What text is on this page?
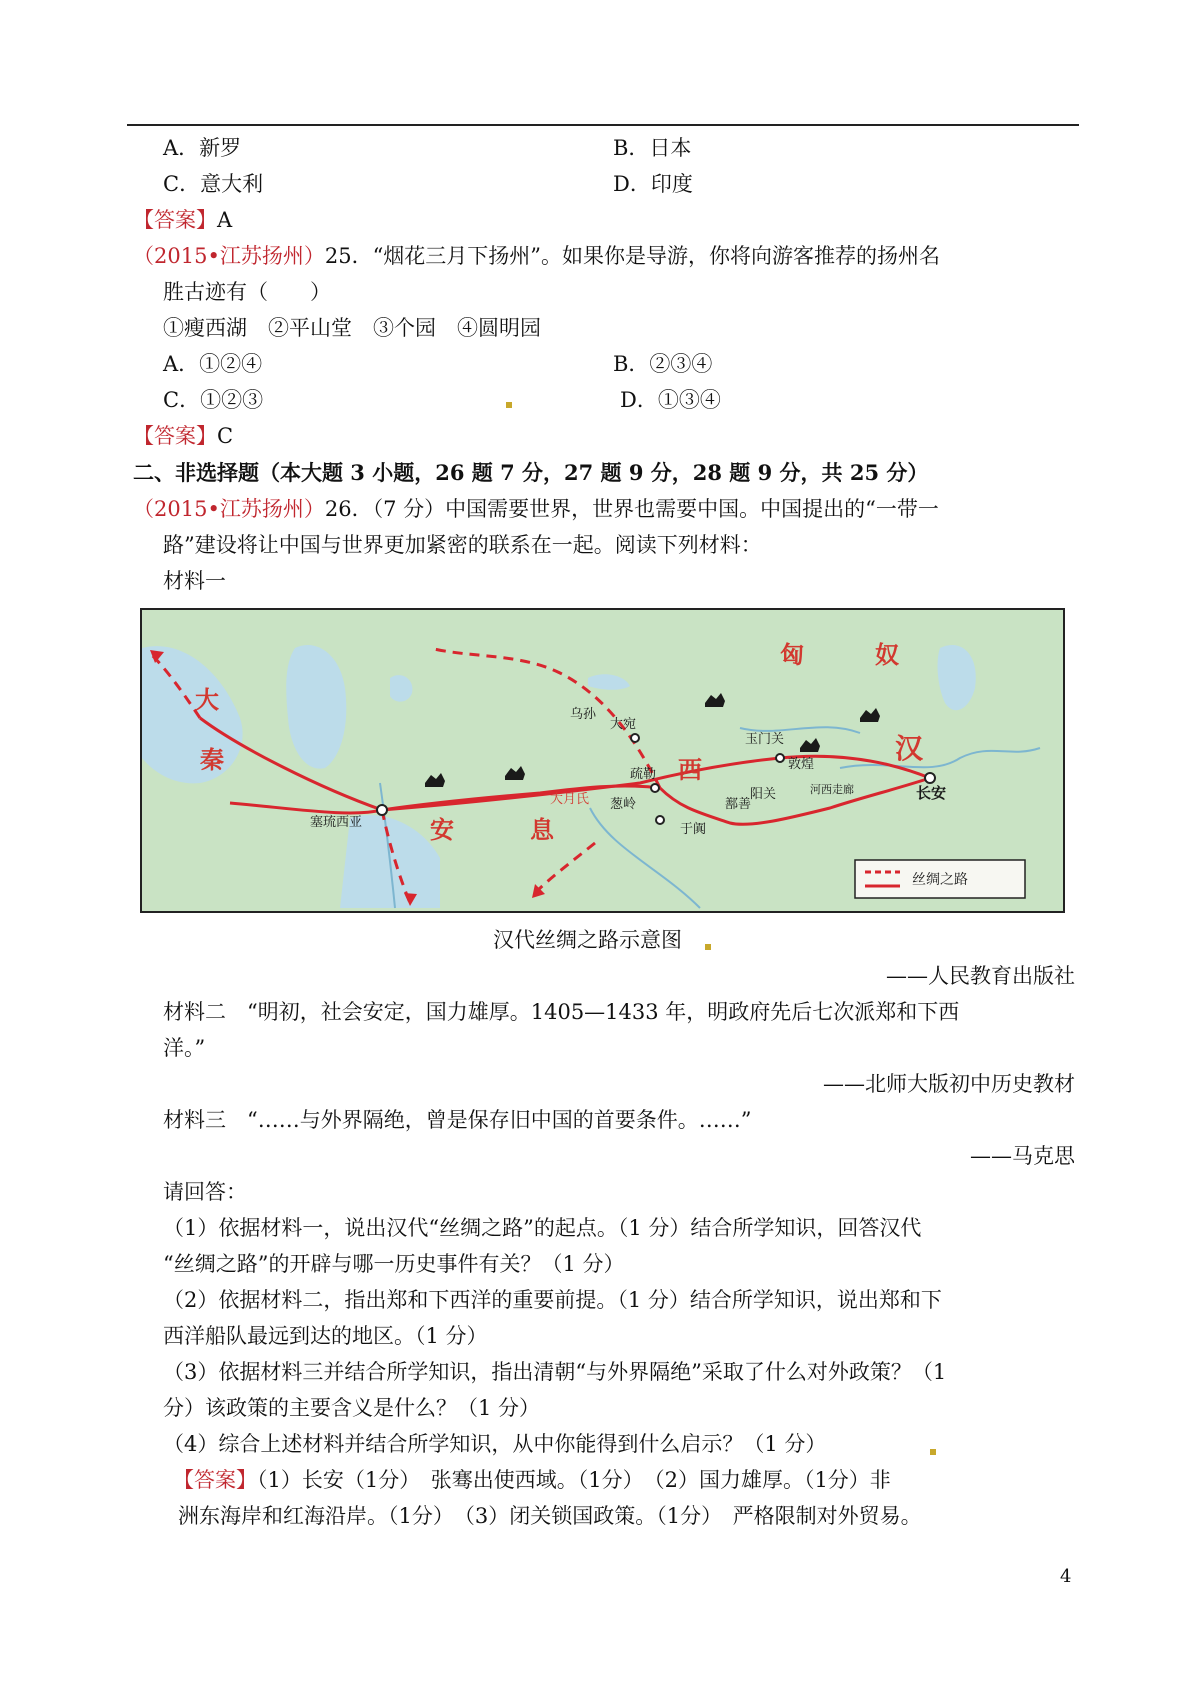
A．新罗	B．日本
C．意大利	D．印度
【答案】A
（2015•江苏扬州）25．“烟花三月下扬州”。如果你是导游，你将向游客推荐的扬州名
胜古迹有（　　）
①瘦西湖　②平山堂　③个园　④圆明园
A．①②④	B．②③④
C．①②③	D．①③④
【答案】C
二、非选择题（本大题 3 小题，26 题 7 分，27 题 9 分，28 题 9 分，共 25 分）
（2015•江苏扬州）26．（7 分）中国需要世界，世界也需要中国。中国提出的“一带一
路”建设将让中国与世界更加紧密的联系在一起。阅读下列材料：
材料一
匈	奴
大
秦
安	息
西
汉
乌孙
大宛
疏勒
大月氏 葱岭
于阗
鄯善
玉门关
阳关
敦煌
河西走廊	长安
塞琉西亚
丝绸之路
汉代丝绸之路示意图
——人民教育出版社
材料二　“明初，社会安定，国力雄厚。1405—1433 年，明政府先后七次派郑和下西
洋。”
——北师大版初中历史教材
材料三　“……与外界隔绝，曾是保存旧中国的首要条件。……”
——马克思
请回答：
（1）依据材料一，说出汉代“丝绸之路”的起点。（1 分）结合所学知识，回答汉代
“丝绸之路”的开辟与哪一历史事件有关？（1 分）
（2）依据材料二，指出郑和下西洋的重要前提。（1 分）结合所学知识，说出郑和下
西洋船队最远到达的地区。（1 分）
（3）依据材料三并结合所学知识，指出清朝“与外界隔绝”采取了什么对外政策？（1
分）该政策的主要含义是什么？（1 分）
（4）综合上述材料并结合所学知识，从中你能得到什么启示？（1 分）
【答案】（1）长安（1分）　张骞出使西域。（1分）　（2）国力雄厚。（1分）非
洲东海岸和红海沿岸。（1分）　（3）闭关锁国政策。（1分）　严格限制对外贸易。
4
